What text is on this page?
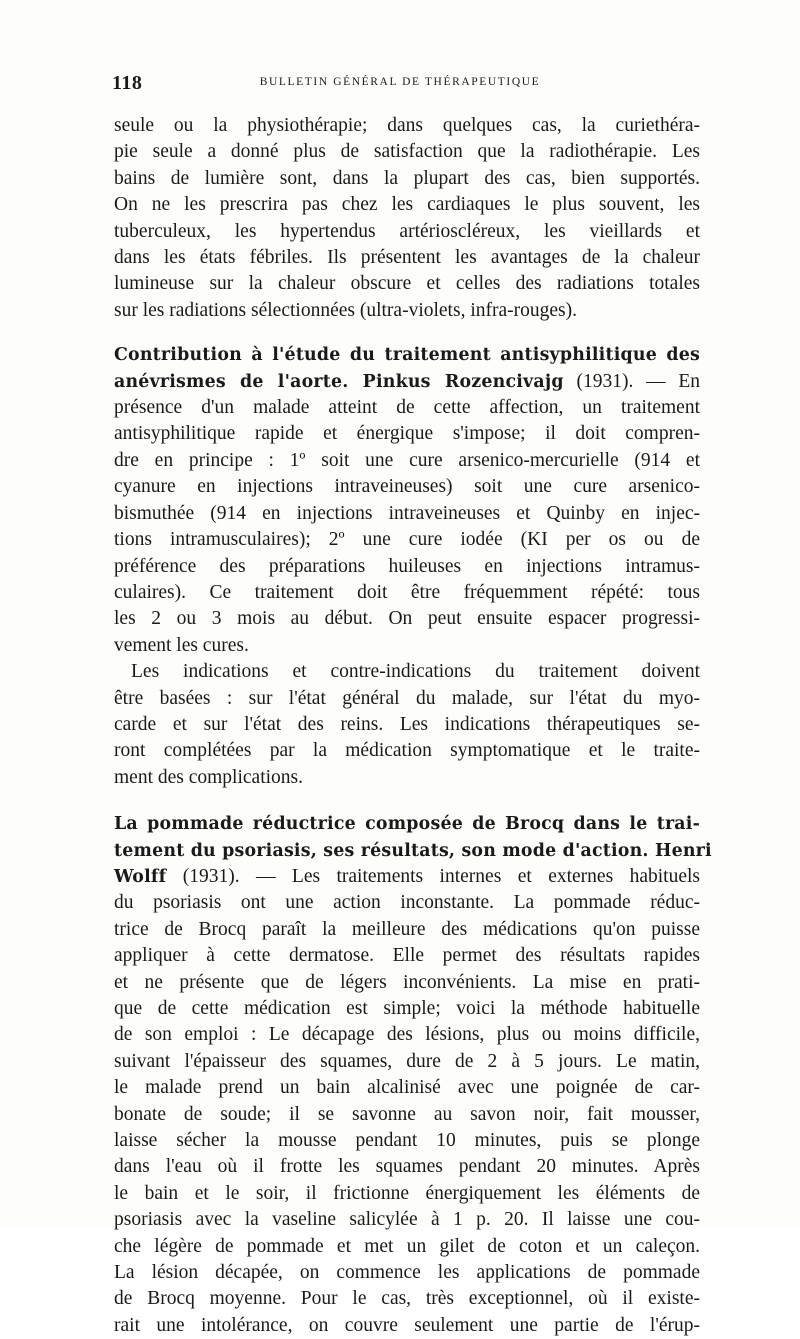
118	BULLETIN GÉNÉRAL DE THÉRAPEUTIQUE

seule ou la physiothérapie; dans quelques cas, la curiethéra-
pie seule a donné plus de satisfaction que la radiothérapie. Les
bains de lumière sont, dans la plupart des cas, bien supportés.
On ne les prescrira pas chez les cardiaques le plus souvent, les
tuberculeux, les hypertendus artérioscléreux, les vieillards et
dans les états fébriles. Ils présentent les avantages de la chaleur
lumineuse sur la chaleur obscure et celles des radiations totales
sur les radiations sélectionnées (ultra-violets, infra-rouges).

Contribution à l'étude du traitement antisyphilitique des
anévrismes de l'aorte. Pinkus Rozencivajg (1931). — En
présence d'un malade atteint de cette affection, un traitement
antisyphilitique rapide et énergique s'impose; il doit compren-
dre en principe : 1º soit une cure arsenico-mercurielle (914 et
cyanure en injections intraveineuses) soit une cure arsenico-
bismuthée (914 en injections intraveineuses et Quinby en injec-
tions intramusculaires); 2º une cure iodée (KI per os ou de
préférence des préparations huileuses en injections intramus-
culaires). Ce traitement doit être fréquemment répété: tous
les 2 ou 3 mois au début. On peut ensuite espacer progressi-
vement les cures.

Les indications et contre-indications du traitement doivent
être basées : sur l'état général du malade, sur l'état du myo-
carde et sur l'état des reins. Les indications thérapeutiques se-
ront complétées par la médication symptomatique et le traite-
ment des complications.

La pommade réductrice composée de Brocq dans le trai-
tement du psoriasis, ses résultats, son mode d'action. Henri
Wolff (1931). — Les traitements internes et externes habituels
du psoriasis ont une action inconstante. La pommade réduc-
trice de Brocq paraît la meilleure des médications qu'on puisse
appliquer à cette dermatose. Elle permet des résultats rapides
et ne présente que de légers inconvénients. La mise en prati-
que de cette médication est simple; voici la méthode habituelle
de son emploi : Le décapage des lésions, plus ou moins difficile,
suivant l'épaisseur des squames, dure de 2 à 5 jours. Le matin,
le malade prend un bain alcalinisé avec une poignée de car-
bonate de soude; il se savonne au savon noir, fait mousser,
laisse sécher la mousse pendant 10 minutes, puis se plonge
dans l'eau où il frotte les squames pendant 20 minutes. Après
le bain et le soir, il frictionne énergiquement les éléments de
psoriasis avec la vaseline salicylée à 1 p. 20. Il laisse une cou-
che légère de pommade et met un gilet de coton et un caleçon.
La lésion décapée, on commence les applications de pommade
de Brocq moyenne. Pour le cas, très exceptionnel, où il existe-
rait une intolérance, on couvre seulement une partie de l'érup-
